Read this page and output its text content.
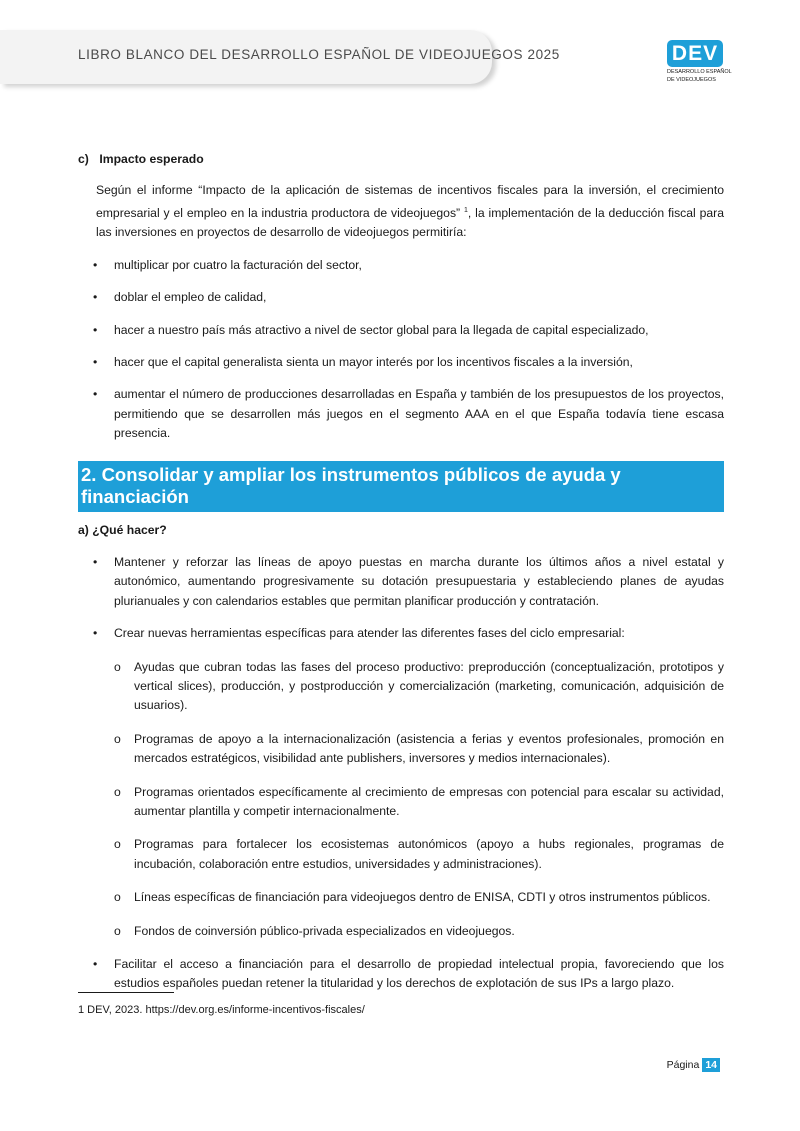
LIBRO BLANCO DEL DESARROLLO ESPAÑOL DE VIDEOJUEGOS 2025	DEV
DESARROLLO ESPAÑOL
DE VIDEOJUEGOS

c) Impacto esperado

Según el informe “Impacto de la aplicación de sistemas de incentivos fiscales para la inversión, el crecimiento empresarial y el empleo en la industria productora de videojuegos” $^1$, la implementación de la deducción fiscal para las inversiones en proyectos de desarrollo de videojuegos permitiría:

• multiplicar por cuatro la facturación del sector,
• doblar el empleo de calidad,
• hacer a nuestro país más atractivo a nivel de sector global para la llegada de capital especializado,
• hacer que el capital generalista sienta un mayor interés por los incentivos fiscales a la inversión,
• aumentar el número de producciones desarrolladas en España y también de los presupuestos de los proyectos, permitiendo que se desarrollen más juegos en el segmento AAA en el que España todavía tiene escasa presencia.
2. Consolidar y ampliar los instrumentos públicos de ayuda y financiación

a) ¿Qué hacer?

• Mantener y reforzar las líneas de apoyo puestas en marcha durante los últimos años a nivel estatal y autonómico, aumentando progresivamente su dotación presupuestaria y estableciendo planes de ayudas plurianuales y con calendarios estables que permitan planificar producción y contratación.
• Crear nuevas herramientas específicas para atender las diferentes fases del ciclo empresarial:
o Ayudas que cubran todas las fases del proceso productivo: preproducción (conceptualización, prototipos y vertical slices), producción, y postproducción y comercialización (marketing, comunicación, adquisición de usuarios).
o Programas de apoyo a la internacionalización (asistencia a ferias y eventos profesionales, promoción en mercados estratégicos, visibilidad ante publishers, inversores y medios internacionales).
o Programas orientados específicamente al crecimiento de empresas con potencial para escalar su actividad, aumentar plantilla y competir internacionalmente.
o Programas para fortalecer los ecosistemas autonómicos (apoyo a hubs regionales, programas de incubación, colaboración entre estudios, universidades y administraciones).
o Líneas específicas de financiación para videojuegos dentro de ENISA, CDTI y otros instrumentos públicos.
o Fondos de coinversión público-privada especializados en videojuegos.
• Facilitar el acceso a financiación para el desarrollo de propiedad intelectual propia, favoreciendo que los estudios españoles puedan retener la titularidad y los derechos de explotación de sus IPs a largo plazo.
1 DEV, 2023. https://dev.org.es/informe-incentivos-fiscales/
Página 14
